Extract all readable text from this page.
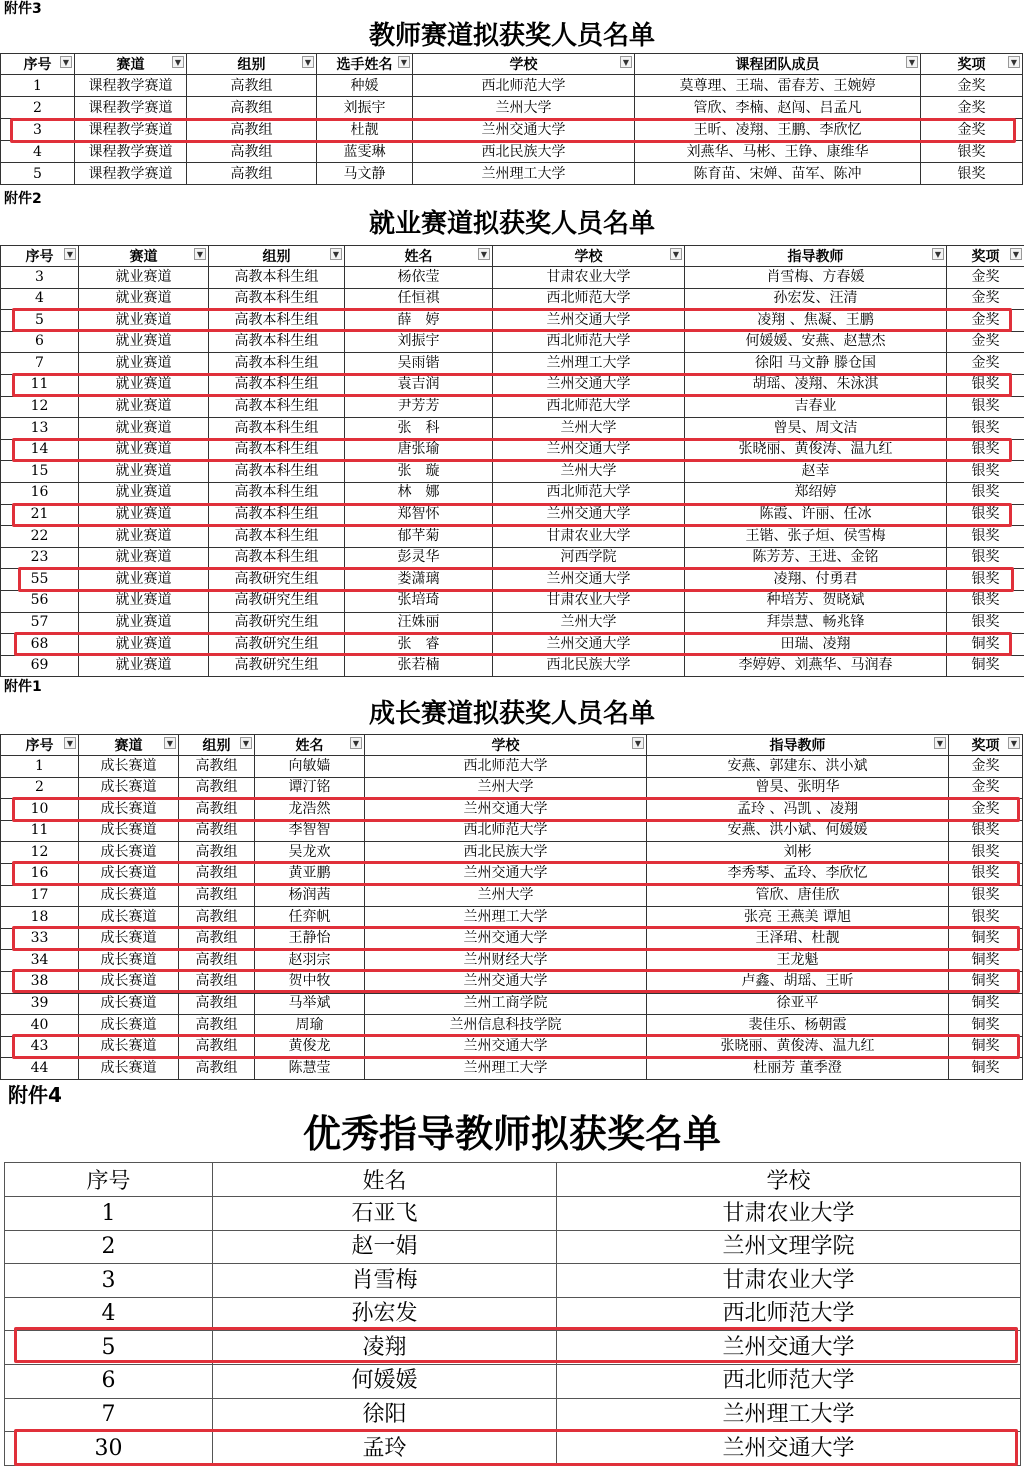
附件3
教师赛道拟获奖人员名单
序号 ▼	赛道 ▼	组别 ▼	选手姓名 ▼	学校 ▼	课程团队成员 ▼	奖项 ▼

1	课程教学赛道	高教组	种媛	西北师范大学	莫尊理、王瑞、雷春芳、王婉婷	金奖
2	课程教学赛道	高教组	刘振宇	兰州大学	管欣、李楠、赵闯、吕孟凡	金奖
3	课程教学赛道	高教组	杜靓	兰州交通大学	王昕、凌翔、王鹏、李欣忆	金奖
4	课程教学赛道	高教组	蓝雯琳	西北民族大学	刘燕华、马彬、王铮、康维华	银奖
5	课程教学赛道	高教组	马文静	兰州理工大学	陈育苗、宋婵、苗军、陈冲	银奖
附件2
就业赛道拟获奖人员名单
序号 ▼	赛道 ▼	组别 ▼	姓名 ▼	学校 ▼	指导教师 ▼	奖项 ▼

3	就业赛道	高教本科生组	杨依莹	甘肃农业大学	肖雪梅、方春媛	金奖
4	就业赛道	高教本科生组	任恒祺	西北师范大学	孙宏发、汪清	金奖
5	就业赛道	高教本科生组	薛　婷	兰州交通大学	凌翔 、焦凝、王鹏	金奖
6	就业赛道	高教本科生组	刘振宇	西北师范大学	何媛媛、安燕、赵慧杰	金奖
7	就业赛道	高教本科生组	吴雨锴	兰州理工大学	徐阳 马文静 滕仓国	金奖
11	就业赛道	高教本科生组	袁吉润	兰州交通大学	胡瑶、凌翔、朱泳淇	银奖
12	就业赛道	高教本科生组	尹芳芳	西北师范大学	吉春业	银奖
13	就业赛道	高教本科生组	张　科	兰州大学	曾昊、周文洁	银奖
14	就业赛道	高教本科生组	唐张瑜	兰州交通大学	张晓丽、黄俊涛、温九红	银奖
15	就业赛道	高教本科生组	张　璇	兰州大学	赵幸	银奖
16	就业赛道	高教本科生组	林　娜	西北师范大学	郑绍婷	银奖
21	就业赛道	高教本科生组	郑智怀	兰州交通大学	陈霞、许丽、任冰	银奖
22	就业赛道	高教本科生组	郁芊菊	甘肃农业大学	王锴、张子烜、侯雪梅	银奖
23	就业赛道	高教本科生组	彭灵华	河西学院	陈芳芳、王进、金铭	银奖
55	就业赛道	高教研究生组	娄潇璃	兰州交通大学	凌翔、付勇君	银奖
56	就业赛道	高教研究生组	张培琦	甘肃农业大学	种培芳、贺晓斌	银奖
57	就业赛道	高教研究生组	汪姝丽	兰州大学	拜崇慧、畅兆锋	银奖
68	就业赛道	高教研究生组	张　睿	兰州交通大学	田瑞、凌翔	铜奖
69	就业赛道	高教研究生组	张若楠	西北民族大学	李婷婷、刘燕华、马润春	铜奖
附件1
成长赛道拟获奖人员名单
序号 ▼	赛道 ▼	组别 ▼	姓名 ▼	学校 ▼	指导教师 ▼	奖项 ▼

1	成长赛道	高教组	向敏嫱	西北师范大学	安燕、郭建东、洪小斌	金奖
2	成长赛道	高教组	谭汀铭	兰州大学	曾昊、张明华	金奖
10	成长赛道	高教组	龙浩然	兰州交通大学	孟玲 、冯凯 、凌翔	金奖
11	成长赛道	高教组	李智智	西北师范大学	安燕、洪小斌、何媛媛	银奖
12	成长赛道	高教组	吴龙欢	西北民族大学	刘彬	银奖
16	成长赛道	高教组	黄亚鹏	兰州交通大学	李秀琴、孟玲、李欣忆	银奖
17	成长赛道	高教组	杨润茜	兰州大学	管欣、唐佳欣	银奖
18	成长赛道	高教组	任弈帆	兰州理工大学	张亮 王燕美 谭旭	银奖
33	成长赛道	高教组	王静怡	兰州交通大学	王泽珺、杜靓	铜奖
34	成长赛道	高教组	赵羽宗	兰州财经大学	王龙魁	铜奖
38	成长赛道	高教组	贺中牧	兰州交通大学	卢鑫、胡瑶、王昕	铜奖
39	成长赛道	高教组	马举斌	兰州工商学院	徐亚平	铜奖
40	成长赛道	高教组	周瑜	兰州信息科技学院	裴佳乐、杨朝霞	铜奖
43	成长赛道	高教组	黄俊龙	兰州交通大学	张晓丽、黄俊涛、温九红	铜奖
44	成长赛道	高教组	陈慧莹	兰州理工大学	杜丽芳 董季澄	铜奖
附件4
优秀指导教师拟获奖名单
序号	姓名	学校
1	石亚飞	甘肃农业大学
2	赵一娟	兰州文理学院
3	肖雪梅	甘肃农业大学
4	孙宏发	西北师范大学
5	凌翔	兰州交通大学
6	何媛媛	西北师范大学
7	徐阳	兰州理工大学
30	孟玲	兰州交通大学
